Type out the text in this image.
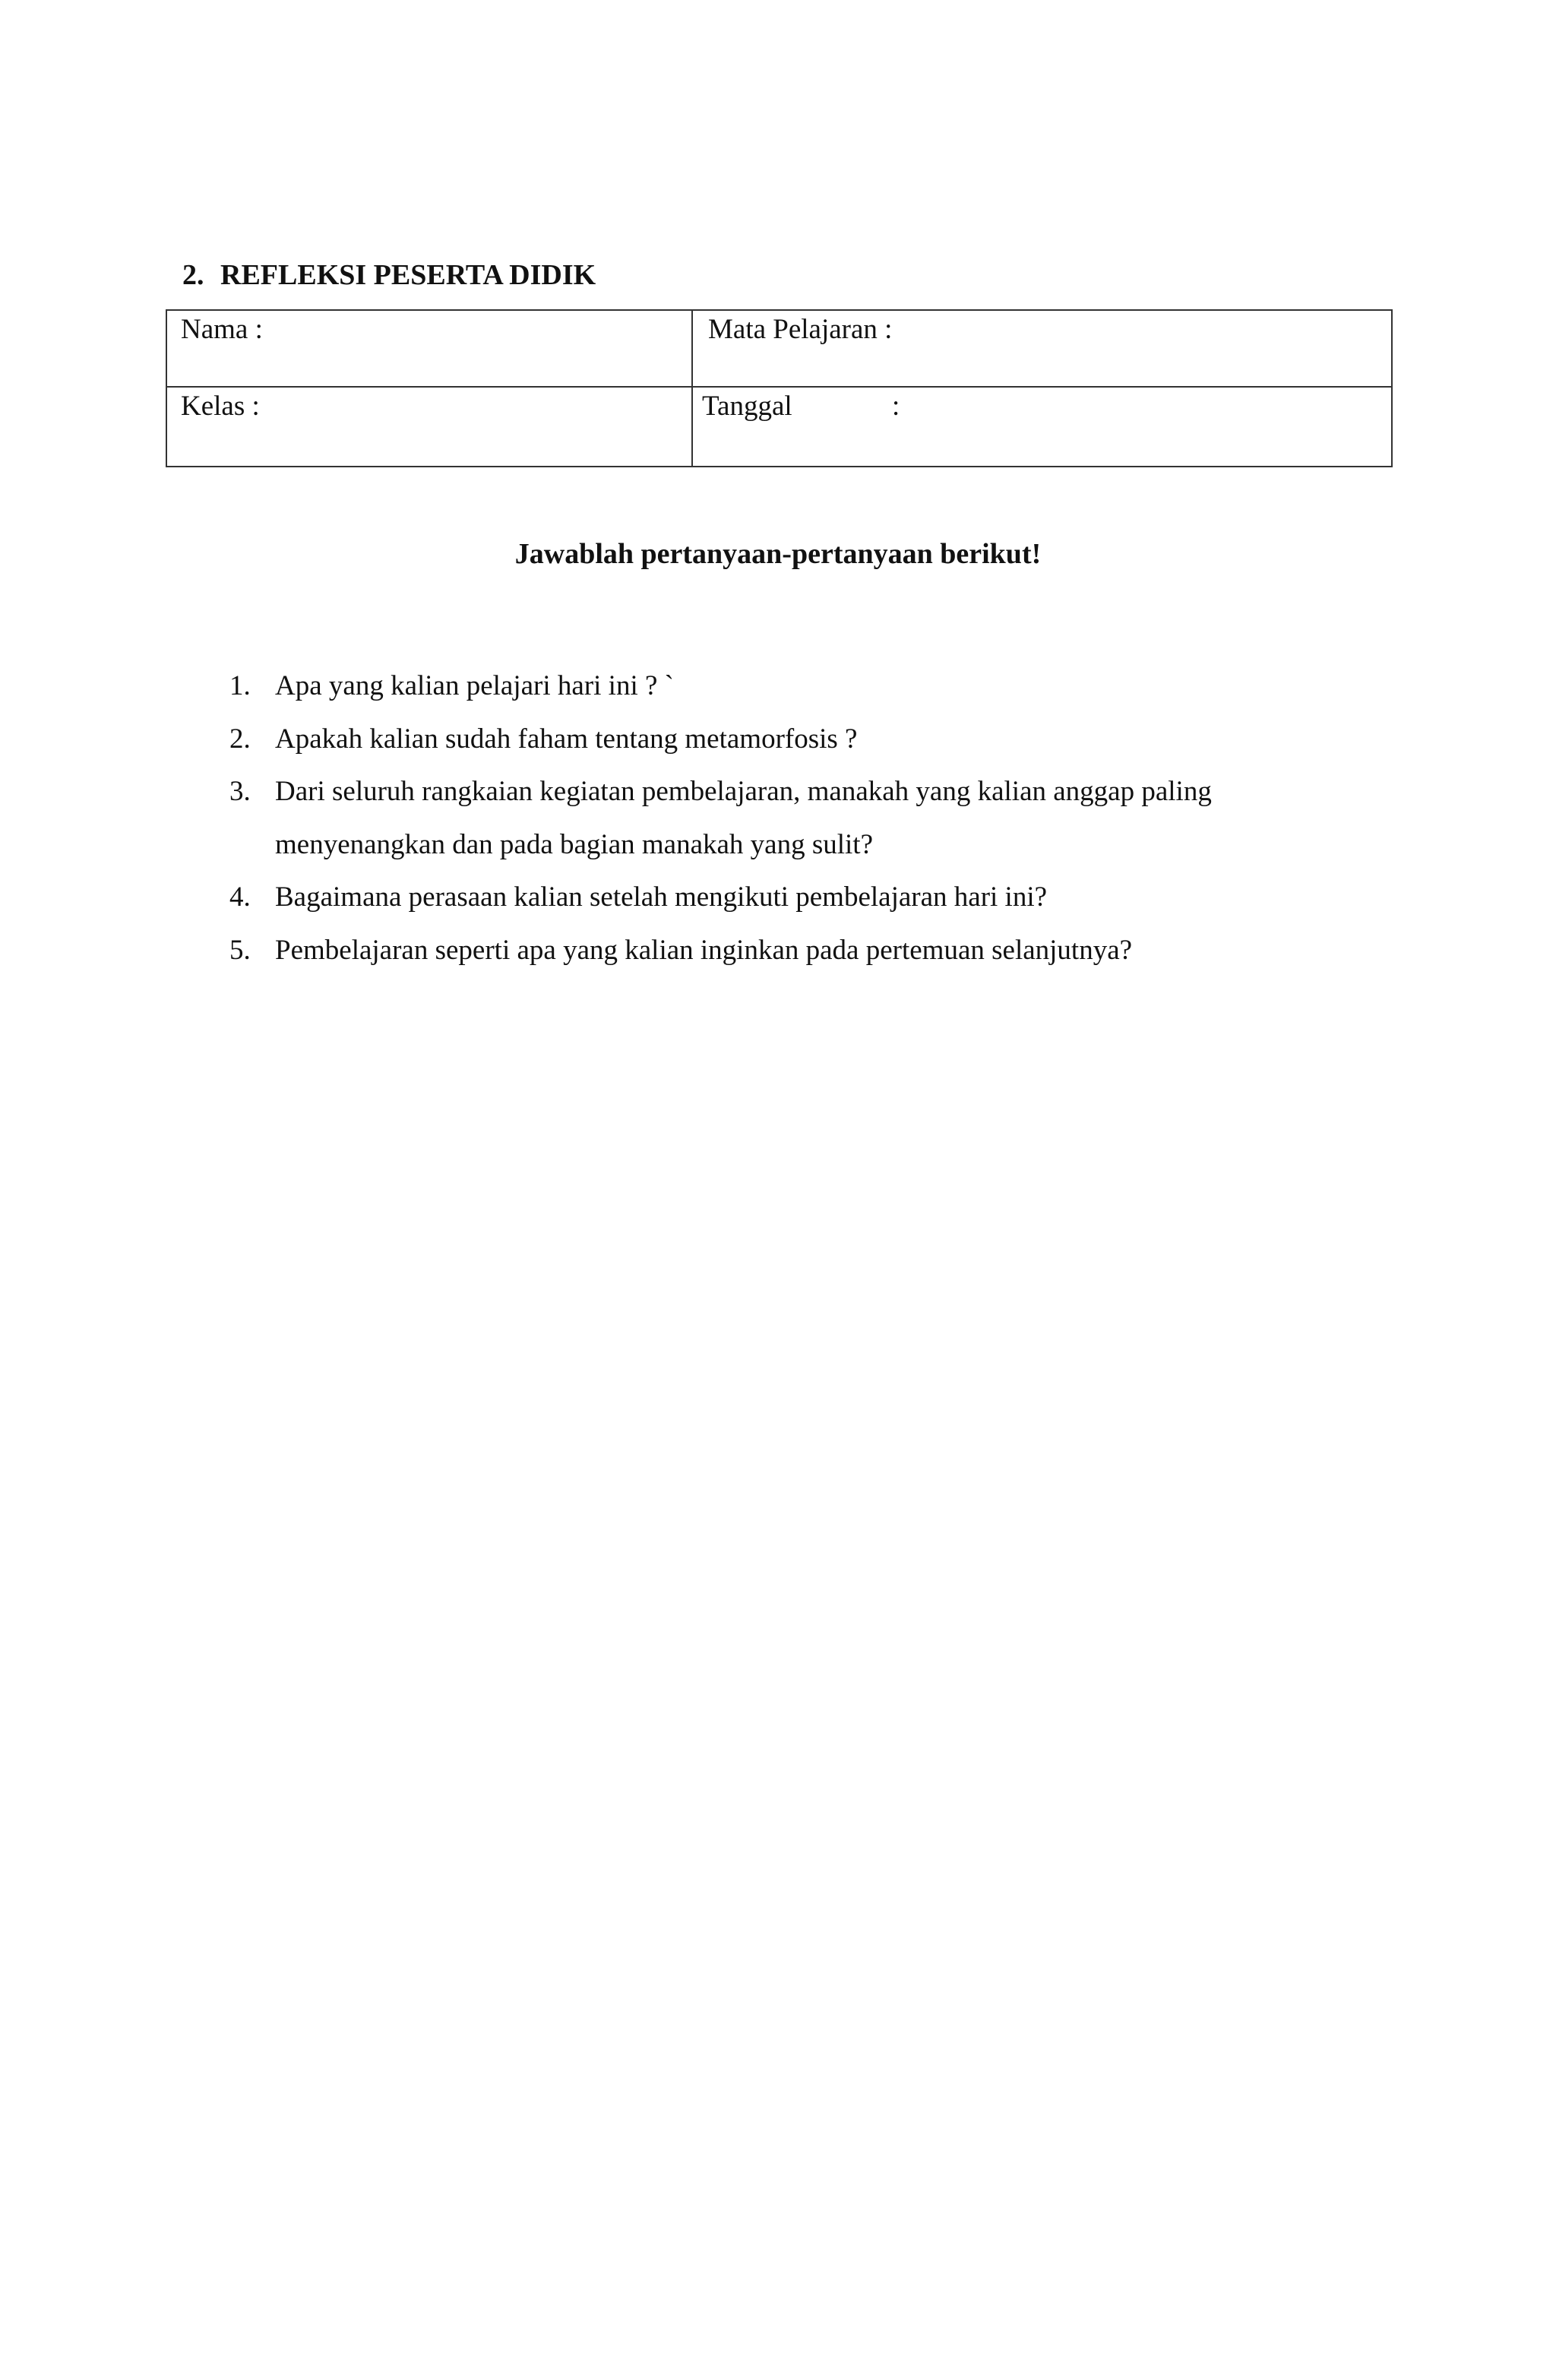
2. REFLEKSI PESERTA DIDIK
Nama :	Mata Pelajaran :
Kelas :	Tanggal :
Jawablah pertanyaan-pertanyaan berikut!
1. Apa yang kalian pelajari hari ini ? `
2. Apakah kalian sudah faham tentang metamorfosis ?
3. Dari seluruh rangkaian kegiatan pembelajaran, manakah yang kalian anggap paling menyenangkan dan pada bagian manakah yang sulit?
4. Bagaimana perasaan kalian setelah mengikuti pembelajaran hari ini?
5. Pembelajaran seperti apa yang kalian inginkan pada pertemuan selanjutnya?
